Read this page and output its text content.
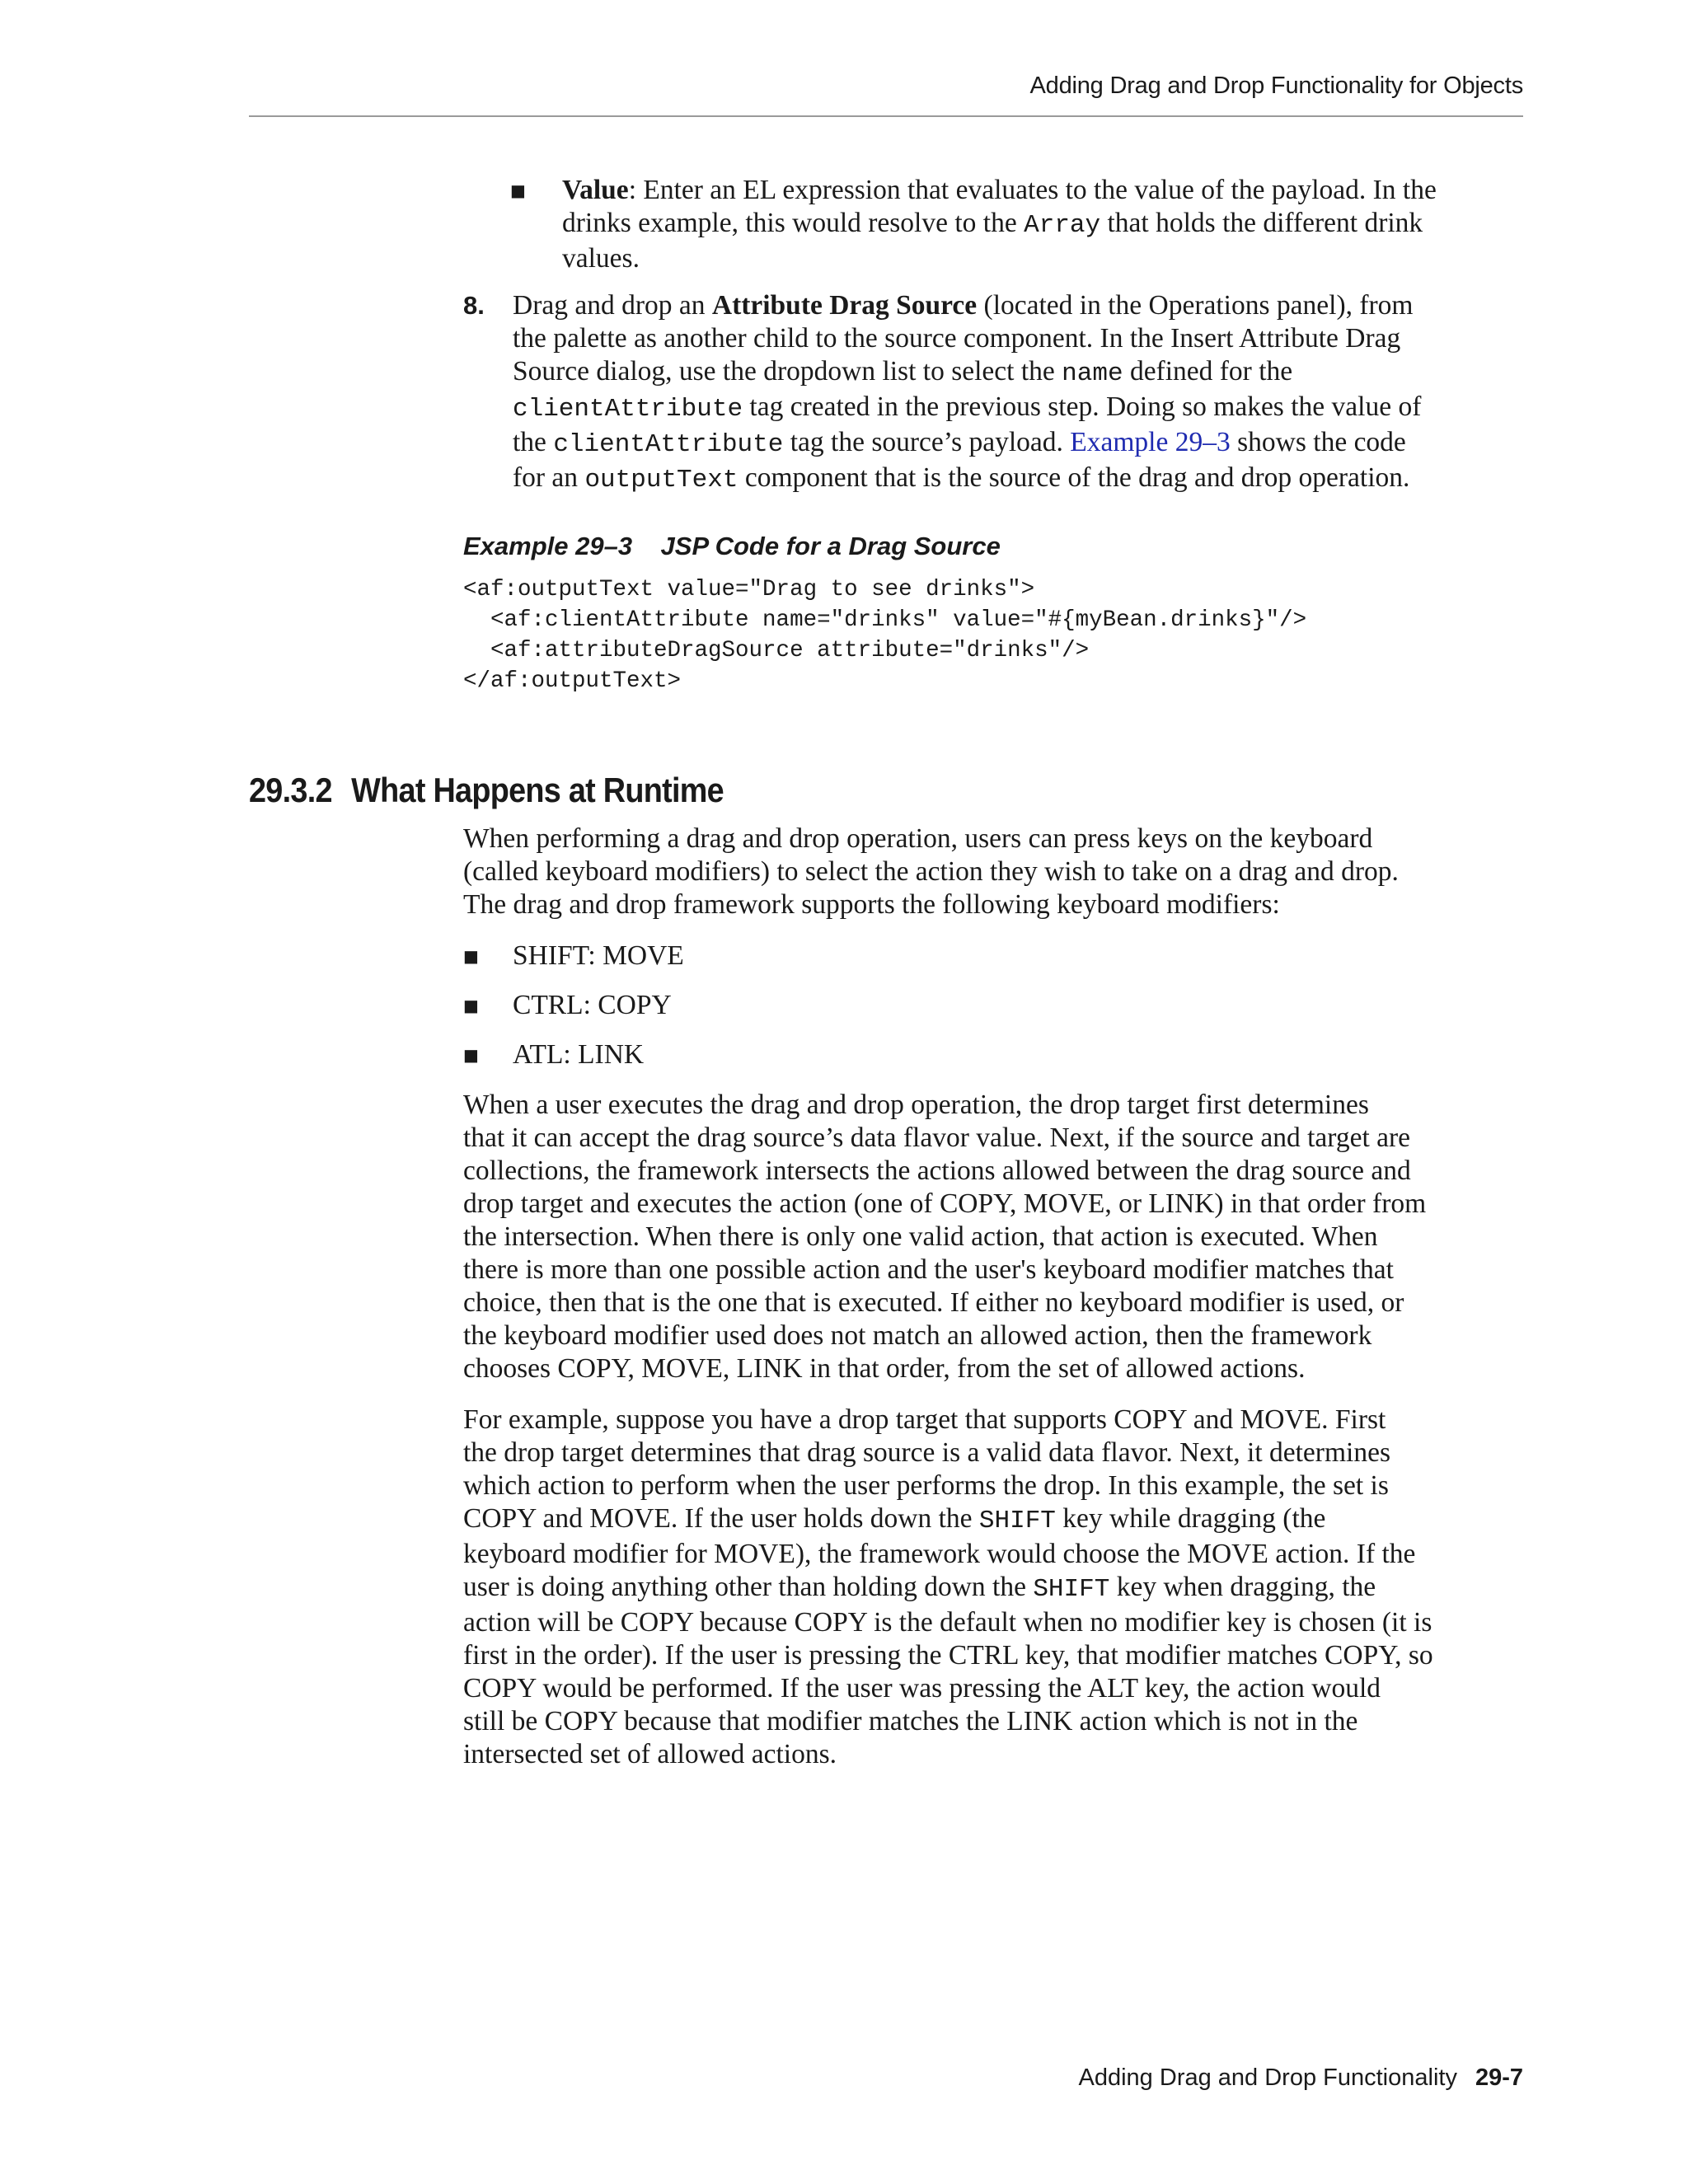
Adding Drag and Drop Functionality for Objects
■ Value: Enter an EL expression that evaluates to the value of the payload. In the
drinks example, this would resolve to the Array that holds the different drink
values.
8. Drag and drop an Attribute Drag Source (located in the Operations panel), from
the palette as another child to the source component. In the Insert Attribute Drag
Source dialog, use the dropdown list to select the name defined for the
clientAttribute tag created in the previous step. Doing so makes the value of
the clientAttribute tag the source’s payload. Example 29–3 shows the code
for an outputText component that is the source of the drag and drop operation.
Example 29–3    JSP Code for a Drag Source
<af:outputText value="Drag to see drinks">
<af:clientAttribute name="drinks" value="#{myBean.drinks}"/>
<af:attributeDragSource attribute="drinks"/>
</af:outputText>
29.3.2 What Happens at Runtime
When performing a drag and drop operation, users can press keys on the keyboard
(called keyboard modifiers) to select the action they wish to take on a drag and drop.
The drag and drop framework supports the following keyboard modifiers:
■ SHIFT: MOVE
■ CTRL: COPY
■ ATL: LINK
When a user executes the drag and drop operation, the drop target first determines
that it can accept the drag source’s data flavor value. Next, if the source and target are
collections, the framework intersects the actions allowed between the drag source and
drop target and executes the action (one of COPY, MOVE, or LINK) in that order from
the intersection. When there is only one valid action, that action is executed. When
there is more than one possible action and the user's keyboard modifier matches that
choice, then that is the one that is executed. If either no keyboard modifier is used, or
the keyboard modifier used does not match an allowed action, then the framework
chooses COPY, MOVE, LINK in that order, from the set of allowed actions.
For example, suppose you have a drop target that supports COPY and MOVE. First
the drop target determines that drag source is a valid data flavor. Next, it determines
which action to perform when the user performs the drop. In this example, the set is
COPY and MOVE. If the user holds down the SHIFT key while dragging (the
keyboard modifier for MOVE), the framework would choose the MOVE action. If the
user is doing anything other than holding down the SHIFT key when dragging, the
action will be COPY because COPY is the default when no modifier key is chosen (it is
first in the order). If the user is pressing the CTRL key, that modifier matches COPY, so
COPY would be performed. If the user was pressing the ALT key, the action would
still be COPY because that modifier matches the LINK action which is not in the
intersected set of allowed actions.
Adding Drag and Drop Functionality 29-7
